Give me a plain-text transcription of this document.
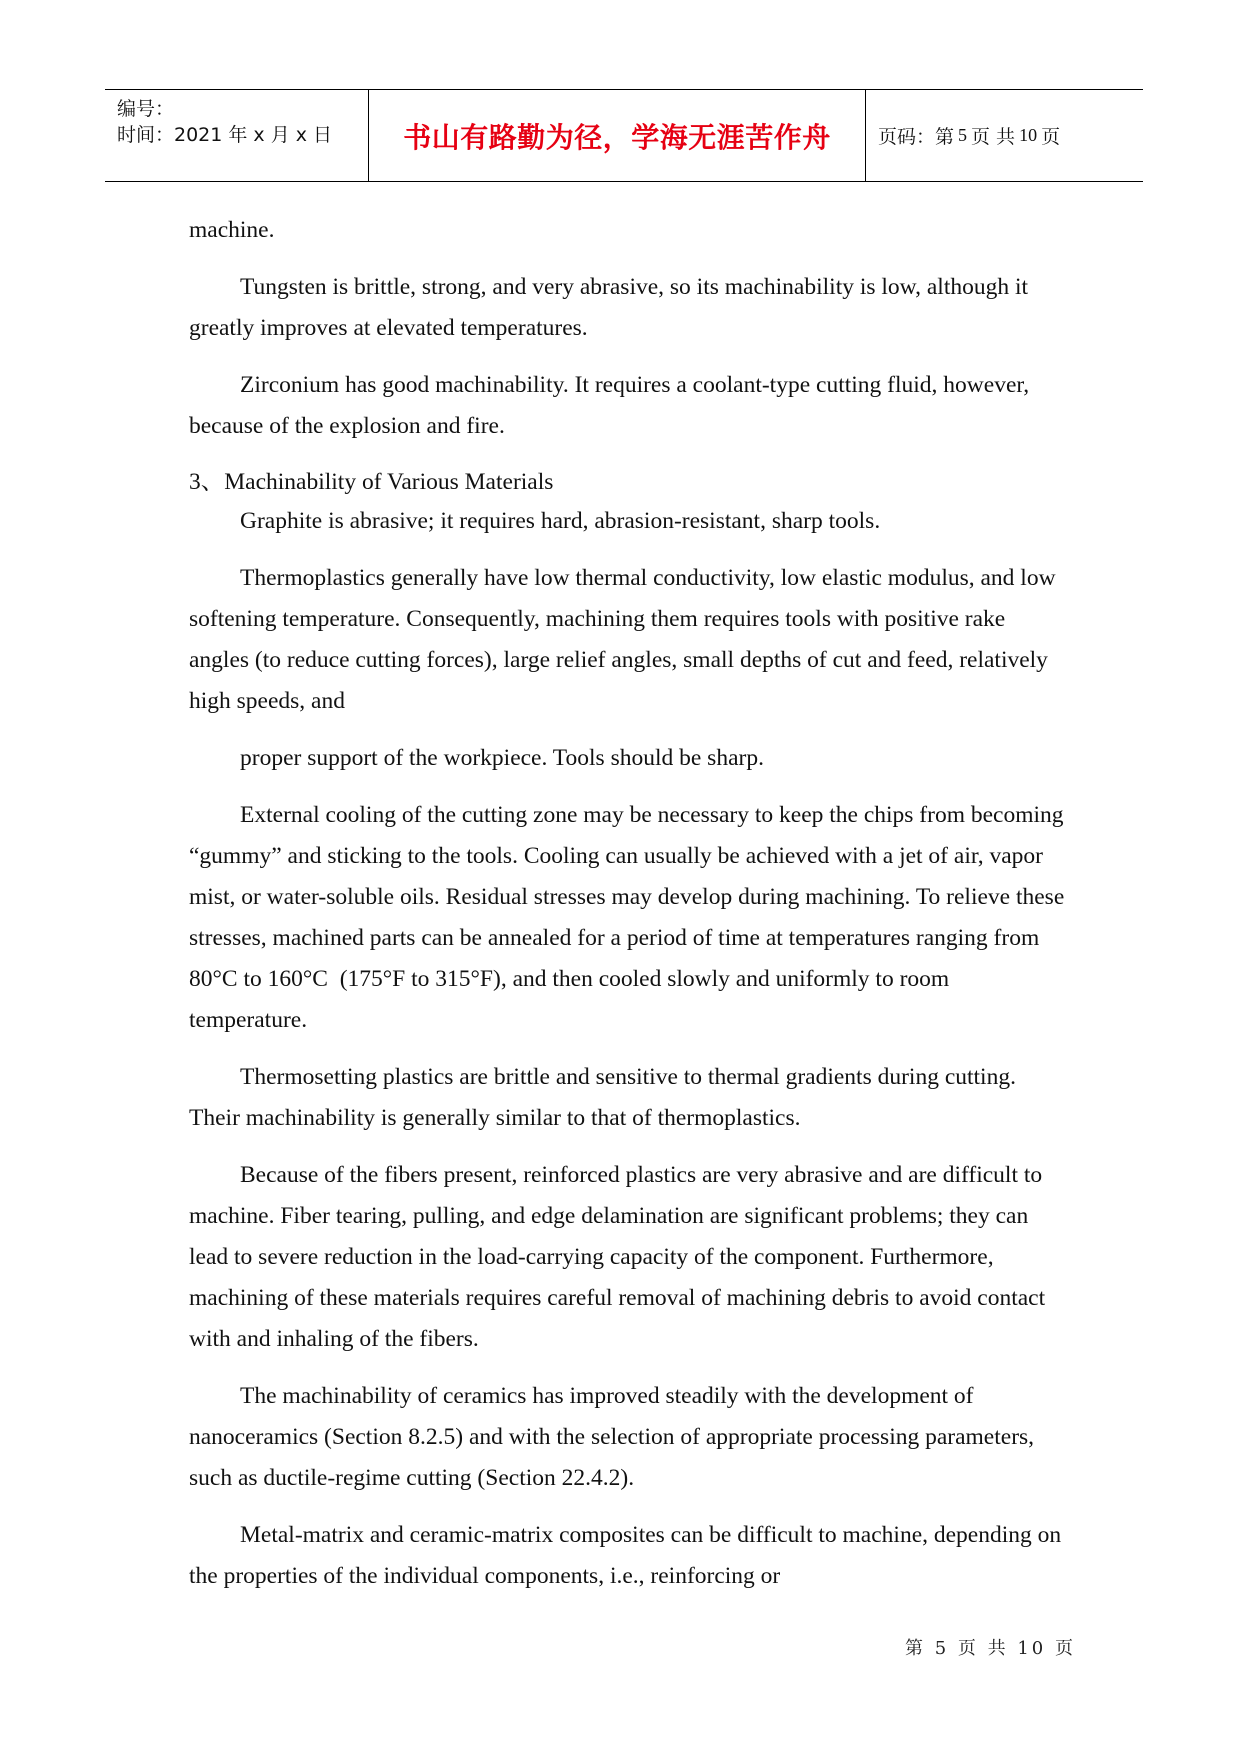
编号：
时间：2021 年 x 月 x 日	书山有路勤为径，学海无涯苦作舟	页码：第 5 页 共 10 页

machine.

Tungsten is brittle, strong, and very abrasive, so its machinability is low, although it greatly improves at elevated temperatures.

Zirconium has good machinability. It requires a coolant-type cutting fluid, however, because of the explosion and fire.

3、Machinability of Various Materials

Graphite is abrasive; it requires hard, abrasion-resistant, sharp tools.

Thermoplastics generally have low thermal conductivity, low elastic modulus, and low softening temperature. Consequently, machining them requires tools with positive rake angles (to reduce cutting forces), large relief angles, small depths of cut and feed, relatively high speeds, and

proper support of the workpiece. Tools should be sharp.

External cooling of the cutting zone may be necessary to keep the chips from becoming “gummy” and sticking to the tools. Cooling can usually be achieved with a jet of air, vapor mist, or water-soluble oils. Residual stresses may develop during machining. To relieve these stresses, machined parts can be annealed for a period of time at temperatures ranging from 80°C to 160°C (175°F to 315°F), and then cooled slowly and uniformly to room temperature.

Thermosetting plastics are brittle and sensitive to thermal gradients during cutting. Their machinability is generally similar to that of thermoplastics.

Because of the fibers present, reinforced plastics are very abrasive and are difficult to machine. Fiber tearing, pulling, and edge delamination are significant problems; they can lead to severe reduction in the load-carrying capacity of the component. Furthermore, machining of these materials requires careful removal of machining debris to avoid contact with and inhaling of the fibers.

The machinability of ceramics has improved steadily with the development of nanoceramics (Section 8.2.5) and with the selection of appropriate processing parameters, such as ductile-regime cutting (Section 22.4.2).

Metal-matrix and ceramic-matrix composites can be difficult to machine, depending on the properties of the individual components, i.e., reinforcing or

第 5 页 共 10 页
